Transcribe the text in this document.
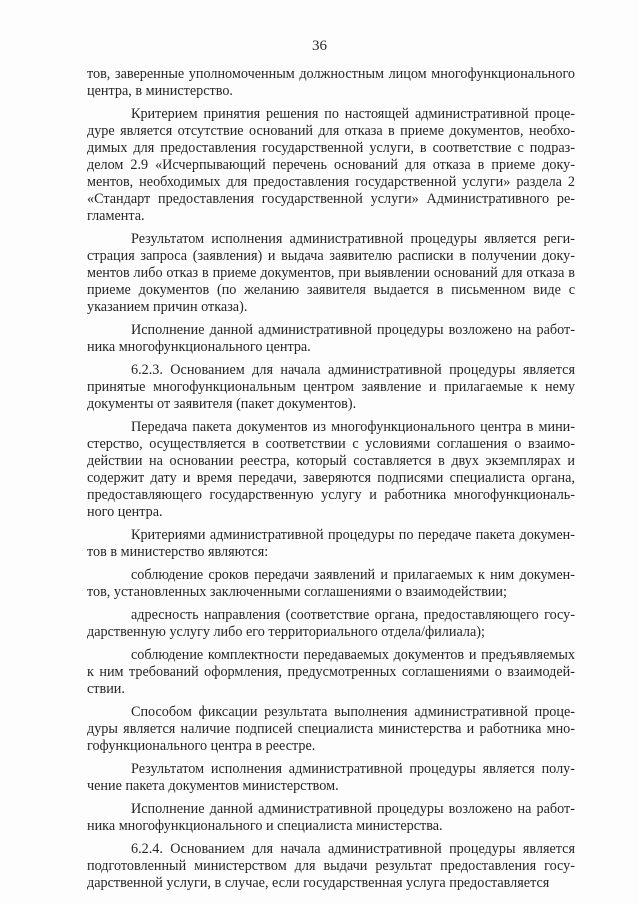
36

тов, заверенные уполномоченным должностным лицом многофункционального центра, в министерство.

Критерием принятия решения по настоящей административной процедуре является отсутствие оснований для отказа в приеме документов, необходимых для предоставления государственной услуги, в соответствие с подразделом 2.9 «Исчерпывающий перечень оснований для отказа в приеме документов, необходимых для предоставления государственной услуги» раздела 2 «Стандарт предоставления государственной услуги» Административного регламента.

Результатом исполнения административной процедуры является регистрация запроса (заявления) и выдача заявителю расписки в получении документов либо отказ в приеме документов, при выявлении оснований для отказа в приеме документов (по желанию заявителя выдается в письменном виде с указанием причин отказа).

Исполнение данной административной процедуры возложено на работника многофункционального центра.

6.2.3. Основанием для начала административной процедуры является принятые многофункциональным центром заявление и прилагаемые к нему документы от заявителя (пакет документов).

Передача пакета документов из многофункционального центра в министерство, осуществляется в соответствии с условиями соглашения о взаимодействии на основании реестра, который составляется в двух экземплярах и содержит дату и время передачи, заверяются подписями специалиста органа, предоставляющего государственную услугу и работника многофункционального центра.

Критериями административной процедуры по передаче пакета документов в министерство являются:

соблюдение сроков передачи заявлений и прилагаемых к ним документов, установленных заключенными соглашениями о взаимодействии;

адресность направления (соответствие органа, предоставляющего государственную услугу либо его территориального отдела/филиала);

соблюдение комплектности передаваемых документов и предъявляемых к ним требований оформления, предусмотренных соглашениями о взаимодействии.

Способом фиксации результата выполнения административной процедуры является наличие подписей специалиста министерства и работника многофункционального центра в реестре.

Результатом исполнения административной процедуры является получение пакета документов министерством.

Исполнение данной административной процедуры возложено на работника многофункционального и специалиста министерства.

6.2.4. Основанием для начала административной процедуры является подготовленный министерством для выдачи результат предоставления государственной услуги, в случае, если государственная услуга предоставляется
